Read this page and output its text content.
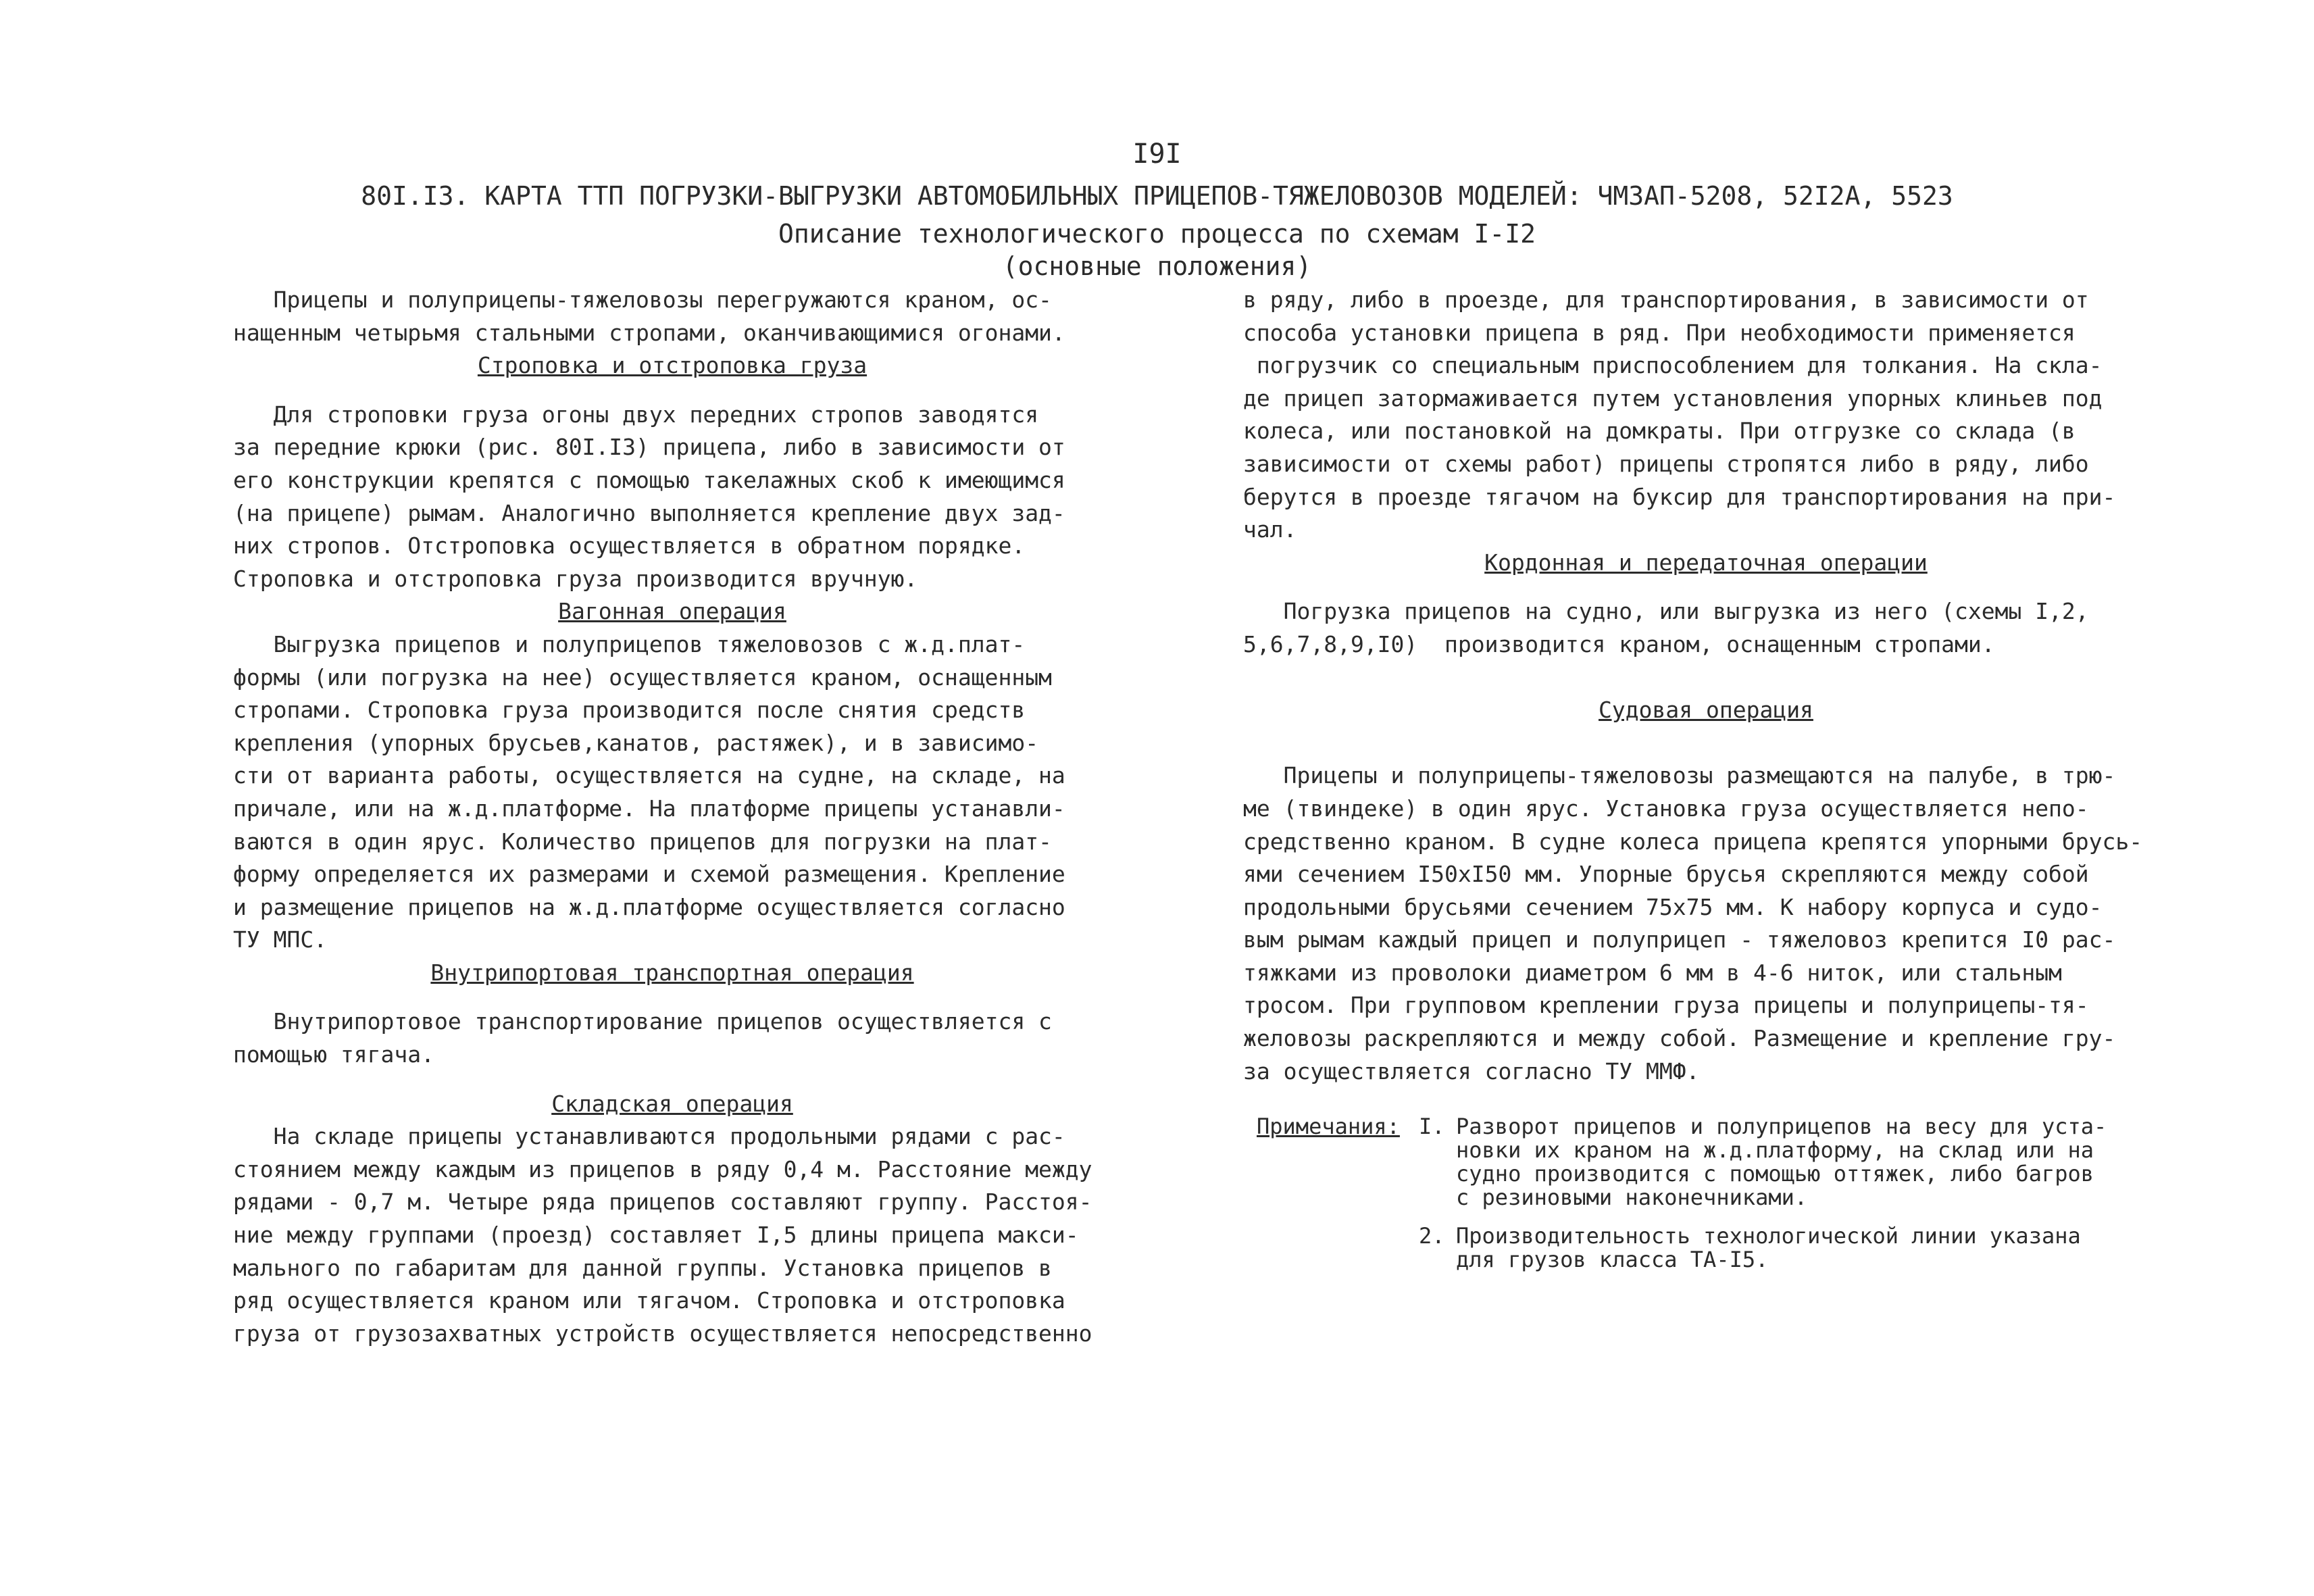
I9I
80I.I3. КАРТА ТТП ПОГРУЗКИ-ВЫГРУЗКИ АВТОМОБИЛЬНЫХ ПРИЦЕПОВ-ТЯЖЕЛОВОЗОВ МОДЕЛЕЙ: ЧМЗАП-5208, 52I2А, 5523
Описание технологического процесса по схемам I-I2
(основные положения)
Прицепы и полуприцепы-тяжеловозы перегружаются краном, ос-
нащенным четырьмя стальными стропами, оканчивающимися огонами.
Строповка и отстроповка груза
Для строповки груза огоны двух передних стропов заводятся
за передние крюки (рис. 80I.I3) прицепа, либо в зависимости от
его конструкции крепятся с помощью такелажных скоб к имеющимся
(на прицепе) рымам. Аналогично выполняется крепление двух зад-
них стропов. Отстроповка осуществляется в обратном порядке.
Строповка и отстроповка груза производится вручную.
Вагонная операция
Выгрузка прицепов и полуприцепов тяжеловозов с ж.д.плат-
формы (или погрузка на нее) осуществляется краном, оснащенным
стропами. Строповка груза производится после снятия средств
крепления (упорных брусьев,канатов, растяжек), и в зависимо-
сти от варианта работы, осуществляется на судне, на складе, на
причале, или на ж.д.платформе. На платформе прицепы устанавли-
ваются в один ярус. Количество прицепов для погрузки на плат-
форму определяется их размерами и схемой размещения. Крепление
и размещение прицепов на ж.д.платформе осуществляется согласно
ТУ МПС.
Внутрипортовая транспортная операция
Внутрипортовое транспортирование прицепов осуществляется с
помощью тягача.
Складская операция
На складе прицепы устанавливаются продольными рядами с рас-
стоянием между каждым из прицепов в ряду 0,4 м. Расстояние между
рядами - 0,7 м. Четыре ряда прицепов составляют группу. Расстоя-
ние между группами (проезд) составляет I,5 длины прицепа макси-
мального по габаритам для данной группы. Установка прицепов в
ряд осуществляется краном или тягачом. Строповка и отстроповка
груза от грузозахватных устройств осуществляется непосредственно
в ряду, либо в проезде, для транспортирования, в зависимости от
способа установки прицепа в ряд. При необходимости применяется
погрузчик со специальным приспособлением для толкания. На скла-
де прицеп затормаживается путем установления упорных клиньев под
колеса, или постановкой на домкраты. При отгрузке со склада (в
зависимости от схемы работ) прицепы стропятся либо в ряду, либо
берутся в проезде тягачом на буксир для транспортирования на при-
чал.
Кордонная и передаточная операции
Погрузка прицепов на судно, или выгрузка из него (схемы I,2,
5,6,7,8,9,I0)  производится краном, оснащенным стропами.
Судовая операция
Прицепы и полуприцепы-тяжеловозы размещаются на палубе, в трю-
ме (твиндеке) в один ярус. Установка груза осуществляется непо-
средственно краном. В судне колеса прицепа крепятся упорными брусь-
ями сечением I50xI50 мм. Упорные брусья скрепляются между собой
продольными брусьями сечением 75x75 мм. К набору корпуса и судо-
вым рымам каждый прицеп и полуприцеп - тяжеловоз крепится I0 рас-
тяжками из проволоки диаметром 6 мм в 4-6 ниток, или стальным
тросом. При групповом креплении груза прицепы и полуприцепы-тя-
желовозы раскрепляются и между собой. Размещение и крепление гру-
за осуществляется согласно ТУ ММФ.
Примечания: I. Разворот прицепов и полуприцепов на весу для уста-
новки их краном на ж.д.платформу, на склад или на
судно производится с помощью оттяжек, либо багров
с резиновыми наконечниками.
2. Производительность технологической линии указана
для грузов класса ТА-I5.
